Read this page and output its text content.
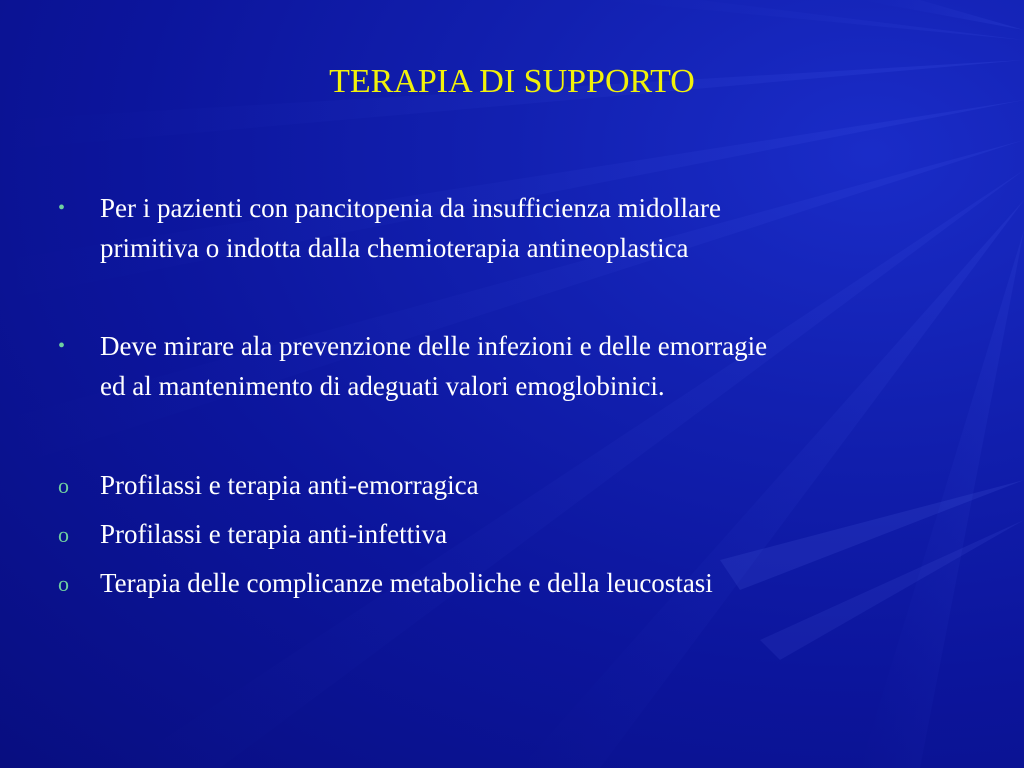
TERAPIA DI SUPPORTO
•	Per i pazienti con pancitopenia da insufficienza midollare
primitiva o indotta dalla chemioterapia antineoplastica
•	Deve mirare ala prevenzione delle infezioni e delle emorragie
ed al mantenimento di adeguati valori emoglobinici.
o	Profilassi e terapia anti-emorragica
o	Profilassi e terapia anti-infettiva
o	Terapia delle complicanze metaboliche e della leucostasi
